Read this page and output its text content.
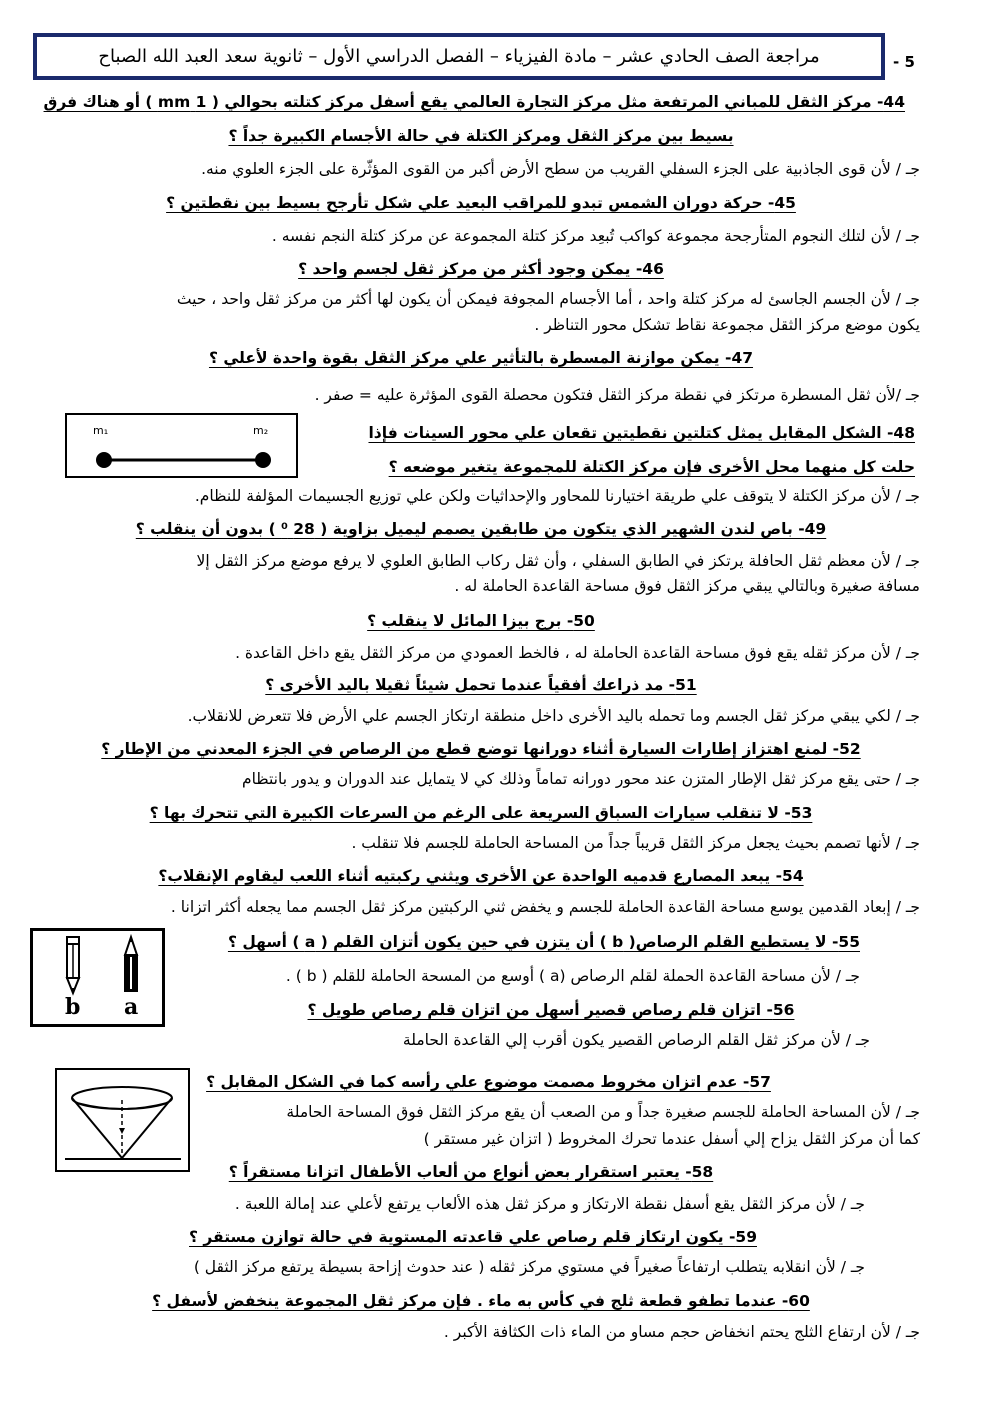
مراجعة الصف الحادي عشر – مادة الفيزياء – الفصل الدراسي الأول – ثانوية سعد العبد الله الصباح	- 5
44- مركز الثقل للمباني المرتفعة مثل مركز التجارة العالمي يقع أسفل مركز كتلته بحوالي ( 1 mm ) أو هناك فرق
بسيط بين مركز الثقل ومركز الكتلة في حالة الأجسام الكبيرة جداً ؟
جـ / لأن قوى الجاذبية على الجزء السفلي القريب من سطح الأرض أكبر من القوى المؤثّرة على الجزء العلوي منه.
45- حركة دوران الشمس تبدو للمراقب البعيد علي شكل تأرجح بسيط بين نقطتين ؟
جـ / لأن لتلك النجوم المتأرجحة مجموعة كواكب تُبعِد مركز كتلة المجموعة عن مركز كتلة النجم نفسه .
46- يمكن وجود أكثر من مركز ثقل لجسم واحد ؟
جـ / لأن الجسم الجاسئ له مركز كتلة واحد ، أما الأجسام المجوفة فيمكن أن يكون لها أكثر من مركز ثقل واحد ، حيث
يكون موضع مركز الثقل مجموعة نقاط تشكل محور التناظر .
47- يمكن موازنة المسطرة بالتأثير علي مركز الثقل بقوة واحدة لأعلي ؟
جـ /لأن ثقل المسطرة مرتكز في نقطة مركز الثقل فتكون محصلة القوى المؤثرة عليه = صفر .
m₁	m₂	48- الشكل المقابل يمثل كتلتين نقطيتين تقعان علي محور السينات فإذا
حلت كل منهما محل الأخرى فإن مركز الكتلة للمجموعة يتغير موضعه ؟
جـ / لأن مركز الكتلة لا يتوقف علي طريقة اختيارنا للمحاور والإحداثيات ولكن علي توزيع الجسيمات المؤلفة للنظام.
49- باص لندن الشهير الذي يتكون من طابقين يصمم ليميل بزاوية ( 28 ⁰ ) بدون أن ينقلب ؟
جـ / لأن معظم ثقل الحافلة يرتكز في الطابق السفلي ، وأن ثقل ركاب الطابق العلوي لا يرفع موضع مركز الثقل إلا
مسافة صغيرة وبالتالي يبقي مركز الثقل فوق مساحة القاعدة الحاملة له .
50- برج بيزا المائل لا ينقلب ؟
جـ / لأن مركز ثقله يقع فوق مساحة القاعدة الحاملة له ، فالخط العمودي من مركز الثقل يقع داخل القاعدة .
51- مد ذراعك أفقياً عندما تحمل شيئاً ثقيلا باليد الأخرى ؟
جـ / لكي يبقي مركز ثقل الجسم وما تحمله باليد الأخرى داخل منطقة ارتكاز الجسم علي الأرض فلا تتعرض للانقلاب.
52- لمنع اهتزاز إطارات السيارة أثناء دورانها توضع قطع من الرصاص في الجزء المعدني من الإطار ؟
جـ / حتى يقع مركز ثقل الإطار المتزن عند محور دورانه تماماً وذلك كي لا يتمايل عند الدوران و يدور بانتظام
53- لا تنقلب سيارات السباق السريعة على الرغم من السرعات الكبيرة التي تتحرك بها ؟
جـ / لأنها تصمم بحيث يجعل مركز الثقل قريباً جداً من المساحة الحاملة للجسم فلا تنقلب .
54- يبعد المصارع قدميه الواحدة عن الأخرى ويثني ركبتيه أثناء اللعب ليقاوم الإنقلاب؟
جـ / إبعاد القدمين يوسع مساحة القاعدة الحاملة للجسم و يخفض ثني الركبتين مركز ثقل الجسم مما يجعله أكثر اتزانا .
b a
55- لا يستطيع القلم الرصاص( b ) أن يتزن في حين يكون أتزان القلم ( a ) أسهل ؟
جـ / لأن مساحة القاعدة الحملة لقلم الرصاص (a ) أوسع من المسحة الحاملة للقلم ( b ) .
56- اتزان قلم رصاص قصير أسهل من اتزان قلم رصاص طويل ؟
جـ / لأن مركز ثقل القلم الرصاص القصير يكون أقرب إلي القاعدة الحاملة
57- عدم اتزان مخروط مصمت موضوع علي رأسه كما في الشكل المقابل ؟
جـ / لأن المساحة الحاملة للجسم صغيرة جداً و من الصعب أن يقع مركز الثقل فوق المساحة الحاملة
كما أن مركز الثقل يزاح إلي أسفل عندما تحرك المخروط ( اتزان غير مستقر )
58- يعتبر استقرار بعض أنواع من ألعاب الأطفال اتزانا مستقراً ؟
جـ / لأن مركز الثقل يقع أسفل نقطة الارتكاز و مركز ثقل هذه الألعاب يرتفع لأعلي عند إمالة اللعبة .
59- يكون ارتكاز قلم رصاص علي قاعدته المستوية في حالة توازن مستقر ؟
جـ / لأن انقلابه يتطلب ارتفاعاً صغيراً في مستوي مركز ثقله ( عند حدوث إزاحة بسيطة يرتفع مركز الثقل )
60- عندما تطفو قطعة ثلج في كأس به ماء . فإن مركز ثقل المجموعة ينخفض لأسفل ؟
جـ / لأن ارتفاع الثلج يحتم انخفاض حجم مساو من الماء ذات الكثافة الأكبر .
